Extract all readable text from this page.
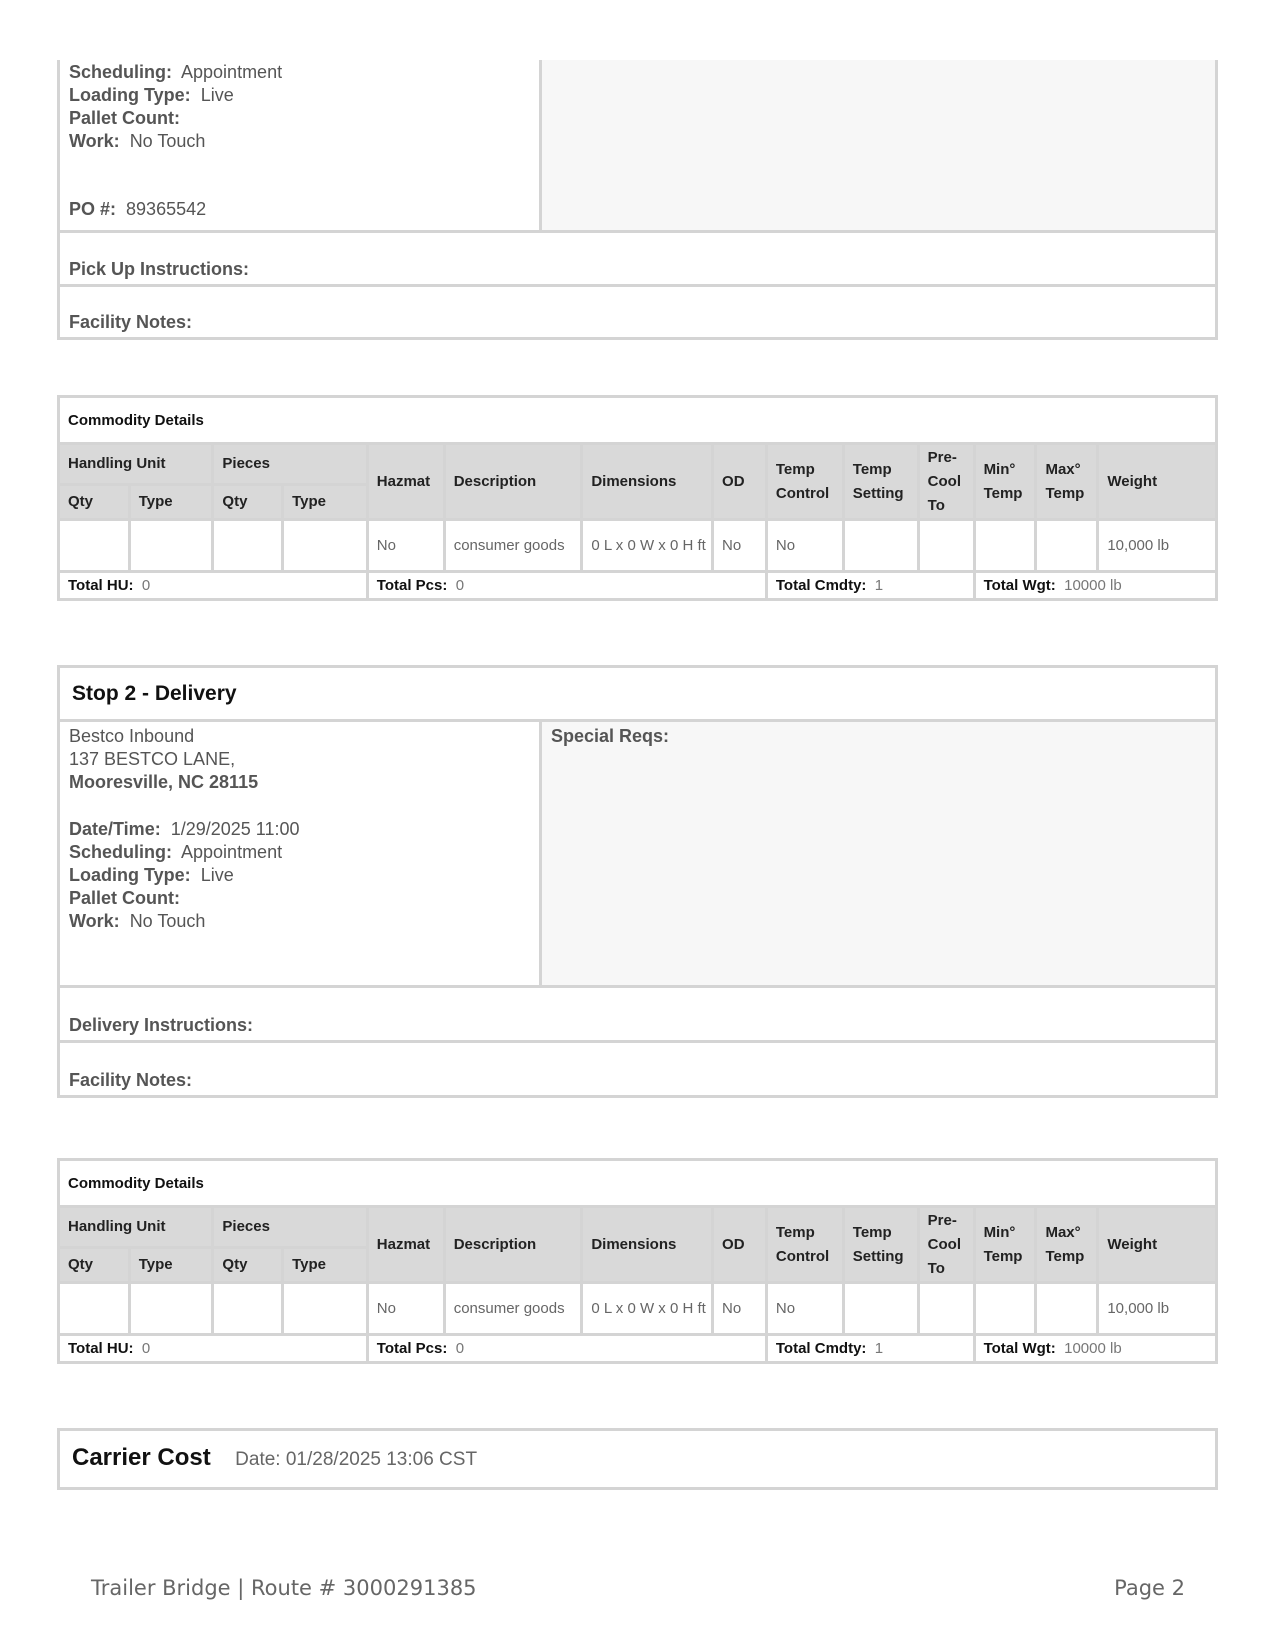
Scheduling: Appointment
Loading Type: Live
Pallet Count:
Work: No Touch
PO #: 89365542
Pick Up Instructions:
Facility Notes:
Commodity Details													
Handling Unit		Pieces		Hazmat	Description	Dimensions	OD	Temp Control	Temp Setting	Pre-Cool To	Min° Temp	Max° Temp	Weight
Qty	Type	Qty	Type										
				No	consumer goods	0 L x 0 W x 0 H ft	No	No					10,000 lb
Total HU: 0				Total Pcs: 0				Total Cmdty: 1			Total Wgt: 10000 lb		
Stop 2 - Delivery
Bestco Inbound
137 BESTCO LANE,
Mooresville, NC 28115
Date/Time: 1/29/2025 11:00
Scheduling: Appointment
Loading Type: Live
Pallet Count:
Work: No Touch
Special Reqs:
Delivery Instructions:
Facility Notes:
Commodity Details													
Handling Unit		Pieces		Hazmat	Description	Dimensions	OD	Temp Control	Temp Setting	Pre-Cool To	Min° Temp	Max° Temp	Weight
Qty	Type	Qty	Type										
				No	consumer goods	0 L x 0 W x 0 H ft	No	No					10,000 lb
Total HU: 0				Total Pcs: 0				Total Cmdty: 1			Total Wgt: 10000 lb		
Carrier Cost Date: 01/28/2025 13:06 CST
Trailer Bridge | Route # 3000291385	Page 2
